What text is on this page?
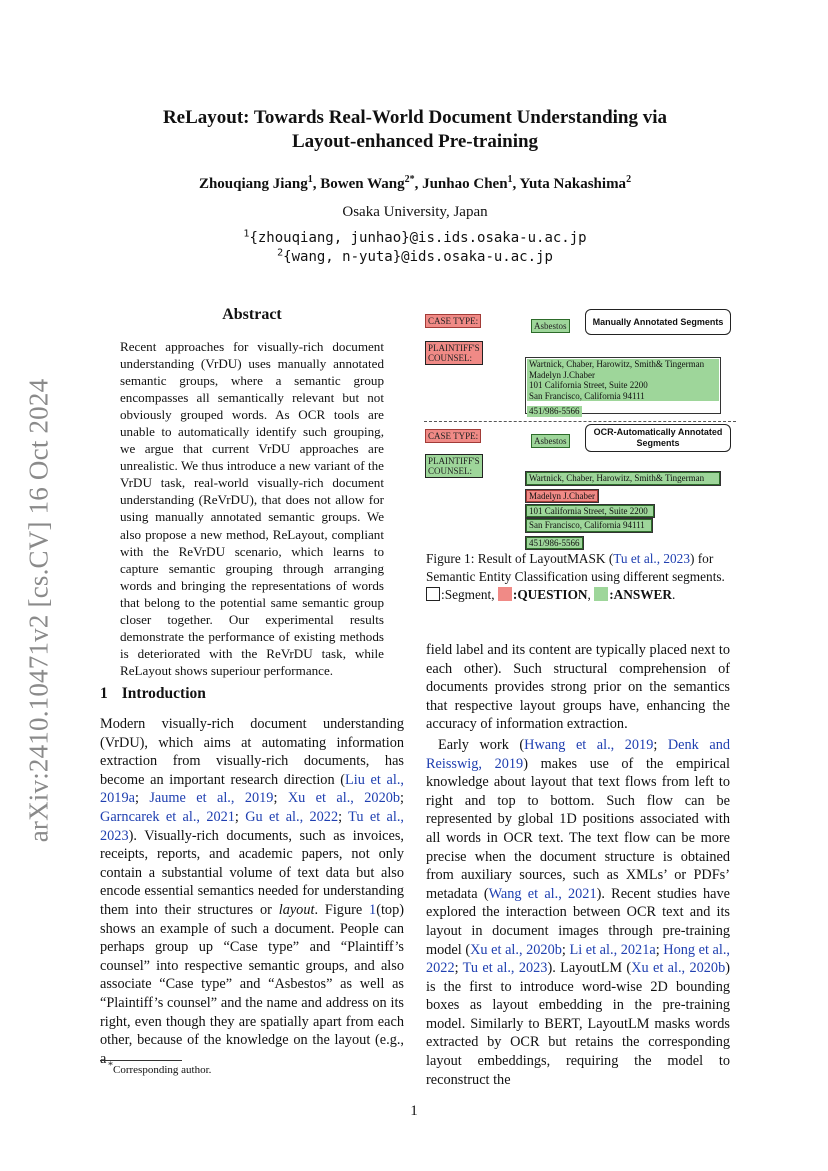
arXiv:2410.10471v2 [cs.CV] 16 Oct 2024
ReLayout: Towards Real-World Document Understanding via
Layout-enhanced Pre-training
Zhouqiang Jiang$^1$, Bowen Wang$^{2*}$, Junhao Chen$^1$, Yuta Nakashima$^2$
Osaka University, Japan
$^1${zhouqiang, junhao}@is.ids.osaka-u.ac.jp
$^2${wang, n-yuta}@ids.osaka-u.ac.jp
Abstract
Recent approaches for visually-rich document understanding (VrDU) uses manually annotated semantic groups, where a semantic group encompasses all semantically relevant but not obviously grouped words. As OCR tools are unable to automatically identify such grouping, we argue that current VrDU approaches are unrealistic. We thus introduce a new variant of the VrDU task, real-world visually-rich document understanding (ReVrDU), that does not allow for using manually annotated semantic groups. We also propose a new method, ReLayout, compliant with the ReVrDU scenario, which learns to capture semantic grouping through arranging words and bringing the representations of words that belong to the potential same semantic group closer together. Our experimental results demonstrate the performance of existing methods is deteriorated with the ReVrDU task, while ReLayout shows superiour performance.
1 Introduction
Modern visually-rich document understanding (VrDU), which aims at automating information extraction from visually-rich documents, has become an important research direction (Liu et al., 2019a; Jaume et al., 2019; Xu et al., 2020b; Garncarek et al., 2021; Gu et al., 2022; Tu et al., 2023). Visually-rich documents, such as invoices, receipts, reports, and academic papers, not only contain a substantial volume of text data but also encode essential semantics needed for understanding them into their structures or layout. Figure 1(top) shows an example of such a document. People can perhaps group up “Case type” and “Plaintiff’s counsel” into respective semantic groups, and also associate “Case type” and “Asbestos” as well as “Plaintiff’s counsel” and the name and address on its right, even though they are spatially apart from each other, because of the knowledge on the layout (e.g., a *Corresponding author.
CASE TYPE:	Asbestos	Manually Annotated Segments
PLAINTIFF'S
COUNSEL:
Wartnick, Chaber, Harowitz, Smith& Tingerman
Madelyn J.Chaber
101 California Street, Suite 2200
San Francisco, California 94111
451/986-5566
CASE TYPE:	Asbestos
OCR-Automatically Annotated
Segments
PLAINTIFF'S
COUNSEL:
Wartnick, Chaber, Harowitz, Smith& Tingerman
Madelyn J.Chaber
101 California Street, Suite 2200
San Francisco, California 94111
451/986-5566
Figure 1: Result of LayoutMASK (Tu et al., 2023) for Semantic Entity Classification using different segments.
:Segment, :QUESTION, :ANSWER.

field label and its content are typically placed next to each other). Such structural comprehension of documents provides strong prior on the semantics that respective layout groups have, enhancing the accuracy of information extraction.

Early work (Hwang et al., 2019; Denk and Reisswig, 2019) makes use of the empirical knowledge about layout that text flows from left to right and top to bottom. Such flow can be represented by global 1D positions associated with all words in OCR text. The text flow can be more precise when the document structure is obtained from auxiliary sources, such as XMLs’ or PDFs’ metadata (Wang et al., 2021). Recent studies have explored the interaction between OCR text and its layout in document images through pre-training model (Xu et al., 2020b; Li et al., 2021a; Hong et al., 2022; Tu et al., 2023). LayoutLM (Xu et al., 2020b) is the first to introduce word-wise 2D bounding boxes as layout embedding in the pre-training model. Similarly to BERT, LayoutLM masks words extracted by OCR but retains the corresponding layout embeddings, requiring the model to reconstruct the

1
